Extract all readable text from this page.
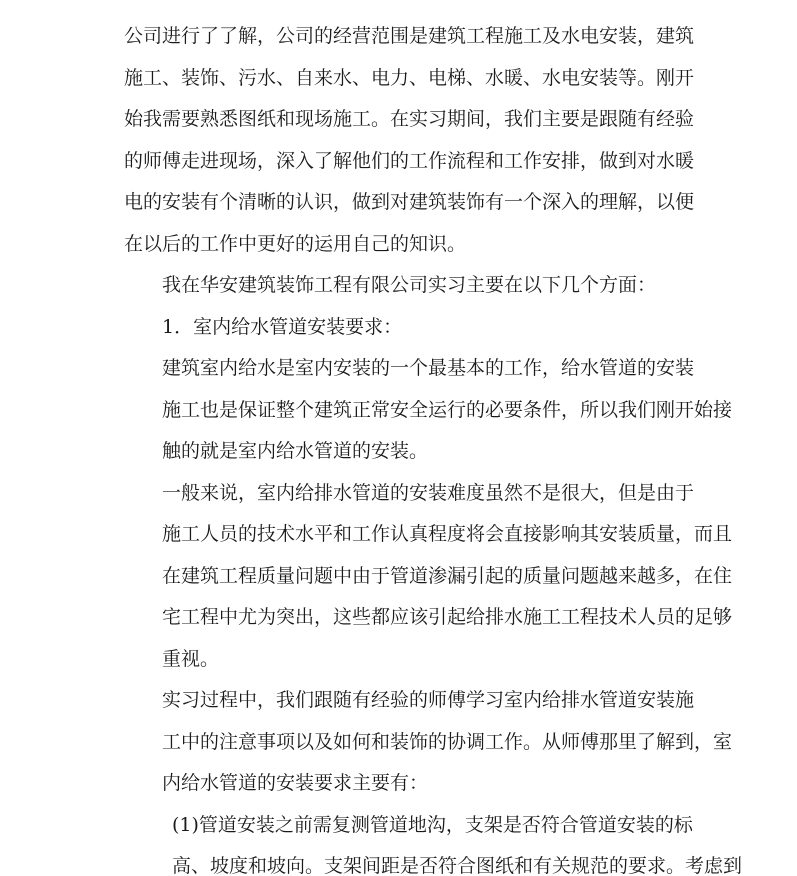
公司进行了了解，公司的经营范围是建筑工程施工及水电安装，建筑
施工、装饰、污水、自来水、电力、电梯、水暖、水电安装等。刚开
始我需要熟悉图纸和现场施工。在实习期间，我们主要是跟随有经验
的师傅走进现场，深入了解他们的工作流程和工作安排，做到对水暖
电的安装有个清晰的认识，做到对建筑装饰有一个深入的理解，以便
在以后的工作中更好的运用自己的知识。
我在华安建筑装饰工程有限公司实习主要在以下几个方面：
1．室内给水管道安装要求：
建筑室内给水是室内安装的一个最基本的工作，给水管道的安装
施工也是保证整个建筑正常安全运行的必要条件，所以我们刚开始接
触的就是室内给水管道的安装。
一般来说，室内给排水管道的安装难度虽然不是很大，但是由于
施工人员的技术水平和工作认真程度将会直接影响其安装质量，而且
在建筑工程质量问题中由于管道渗漏引起的质量问题越来越多，在住
宅工程中尤为突出，这些都应该引起给排水施工工程技术人员的足够
重视。
实习过程中，我们跟随有经验的师傅学习室内给排水管道安装施
工中的注意事项以及如何和装饰的协调工作。从师傅那里了解到，室
内给水管道的安装要求主要有：
(1)管道安装之前需复测管道地沟，支架是否符合管道安装的标
高、坡度和坡向。支架间距是否符合图纸和有关规范的要求。考虑到
